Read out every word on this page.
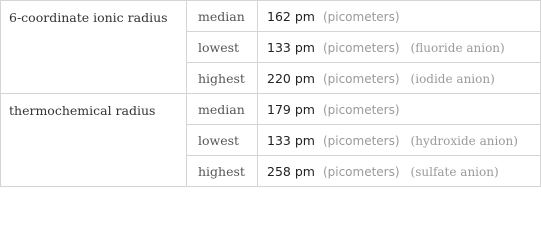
6-coordinate ionic radius	median	162 pm (picometers)
	lowest	133 pm (picometers) (fluoride anion)
	highest	220 pm (picometers) (iodide anion)
thermochemical radius	median	179 pm (picometers)
	lowest	133 pm (picometers) (hydroxide anion)
	highest	258 pm (picometers) (sulfate anion)
